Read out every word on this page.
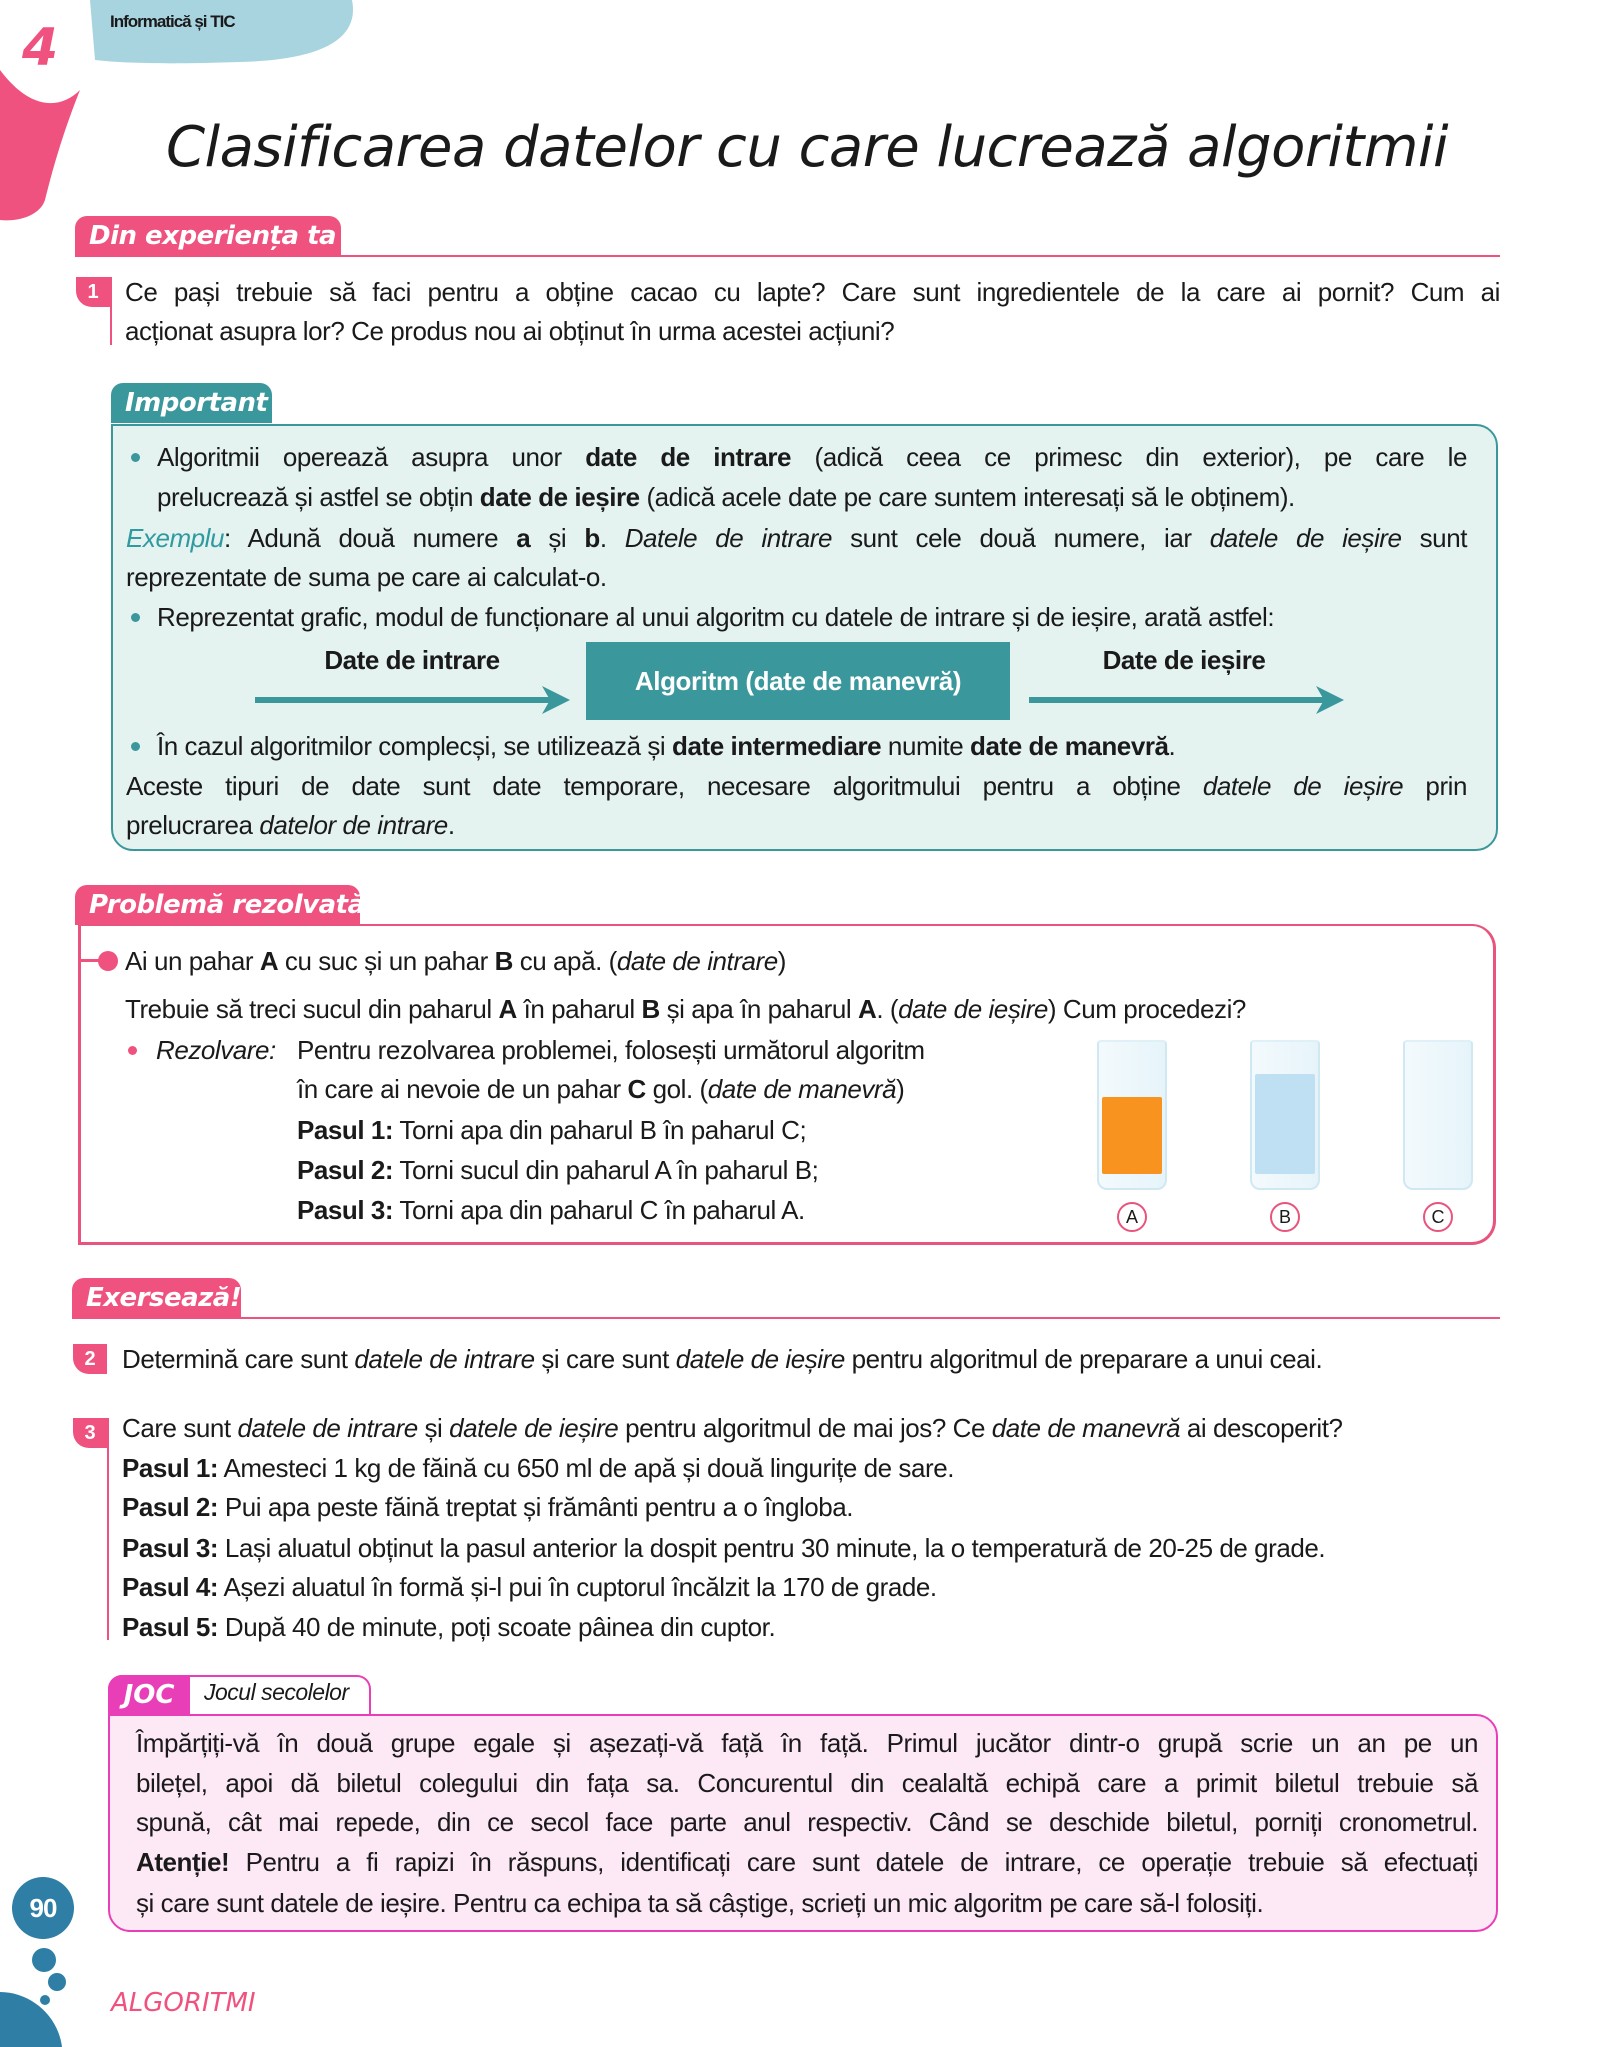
4	Informatică și TIC
Clasificarea datelor cu care lucrează algoritmii
Din experiența ta
1	Ce pași trebuie să faci pentru a obține cacao cu lapte? Care sunt ingredientele de la care ai pornit? Cum ai
acționat asupra lor? Ce produs nou ai obținut în urma acestei acțiuni?
Important
Algoritmii operează asupra unor date de intrare (adică ceea ce primesc din exterior), pe care le
prelucrează și astfel se obțin date de ieșire (adică acele date pe care suntem interesați să le obținem).
Exemplu: Adună două numere a și b. Datele de intrare sunt cele două numere, iar datele de ieșire sunt
reprezentate de suma pe care ai calculat-o.
Reprezentat grafic, modul de funcționare al unui algoritm cu datele de intrare și de ieșire, arată astfel:
Date de intrare
Algoritm (date de manevră)
Date de ieșire
În cazul algoritmilor complecși, se utilizează și date intermediare numite date de manevră.
Aceste tipuri de date sunt date temporare, necesare algoritmului pentru a obține datele de ieșire prin
prelucrarea datelor de intrare.
Problemă rezolvată
Ai un pahar A cu suc și un pahar B cu apă. (date de intrare)
Trebuie să treci sucul din paharul A în paharul B și apa în paharul A. (date de ieșire) Cum procedezi?
Rezolvare: Pentru rezolvarea problemei, folosești următorul algoritm
în care ai nevoie de un pahar C gol. (date de manevră)
Pasul 1: Torni apa din paharul B în paharul C;
Pasul 2: Torni sucul din paharul A în paharul B;
Pasul 3: Torni apa din paharul C în paharul A.	A	B	C
Exersează!
2	Determină care sunt datele de intrare și care sunt datele de ieșire pentru algoritmul de preparare a unui ceai.
3	Care sunt datele de intrare și datele de ieșire pentru algoritmul de mai jos? Ce date de manevră ai descoperit?
Pasul 1: Amesteci 1 kg de făină cu 650 ml de apă și două lingurițe de sare.
Pasul 2: Pui apa peste făină treptat și frământi pentru a o îngloba.
Pasul 3: Lași aluatul obținut la pasul anterior la dospit pentru 30 minute, la o temperatură de 20-25 de grade.
Pasul 4: Așezi aluatul în formă și-l pui în cuptorul încălzit la 170 de grade.
Pasul 5: După 40 de minute, poți scoate pâinea din cuptor.
JOC	Jocul secolelor
Împărțiți-vă în două grupe egale și așezați-vă față în față. Primul jucător dintr-o grupă scrie un an pe un
bilețel, apoi dă biletul colegului din fața sa. Concurentul din cealaltă echipă care a primit biletul trebuie să
spună, cât mai repede, din ce secol face parte anul respectiv. Când se deschide biletul, porniți cronometrul.
Atenție! Pentru a fi rapizi în răspuns, identificați care sunt datele de intrare, ce operație trebuie să efectuați
și care sunt datele de ieșire. Pentru ca echipa ta să câștige, scrieți un mic algoritm pe care să-l folosiți.
90
ALGORITMI
